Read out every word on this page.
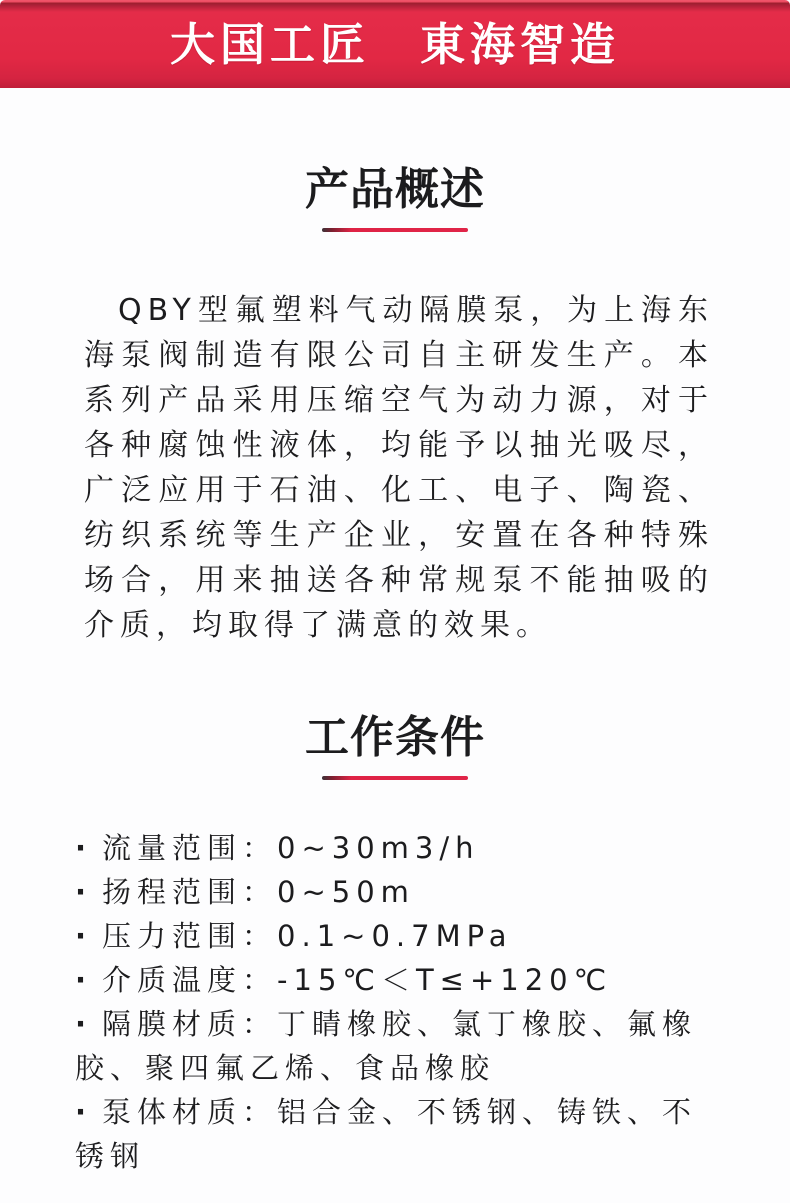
大国工匠　東海智造
产品概述

QBY型氟塑料气动隔膜泵，为上海东海泵阀制造有限公司自主研发生产。本系列产品采用压缩空气为动力源，对于各种腐蚀性液体，均能予以抽光吸尽，广泛应用于石油、化工、电子、陶瓷、纺织系统等生产企业，安置在各种特殊场合，用来抽送各种常规泵不能抽吸的介质，均取得了满意的效果。

工作条件
· 流量范围：0~30m3/h
· 扬程范围：0~50m
· 压力范围：0.1~0.7MPa
· 介质温度：-15℃＜T≤+120℃
· 隔膜材质：丁睛橡胶、氯丁橡胶、氟橡胶、聚四氟乙烯、食品橡胶
· 泵体材质：铝合金、不锈钢、铸铁、不锈钢
